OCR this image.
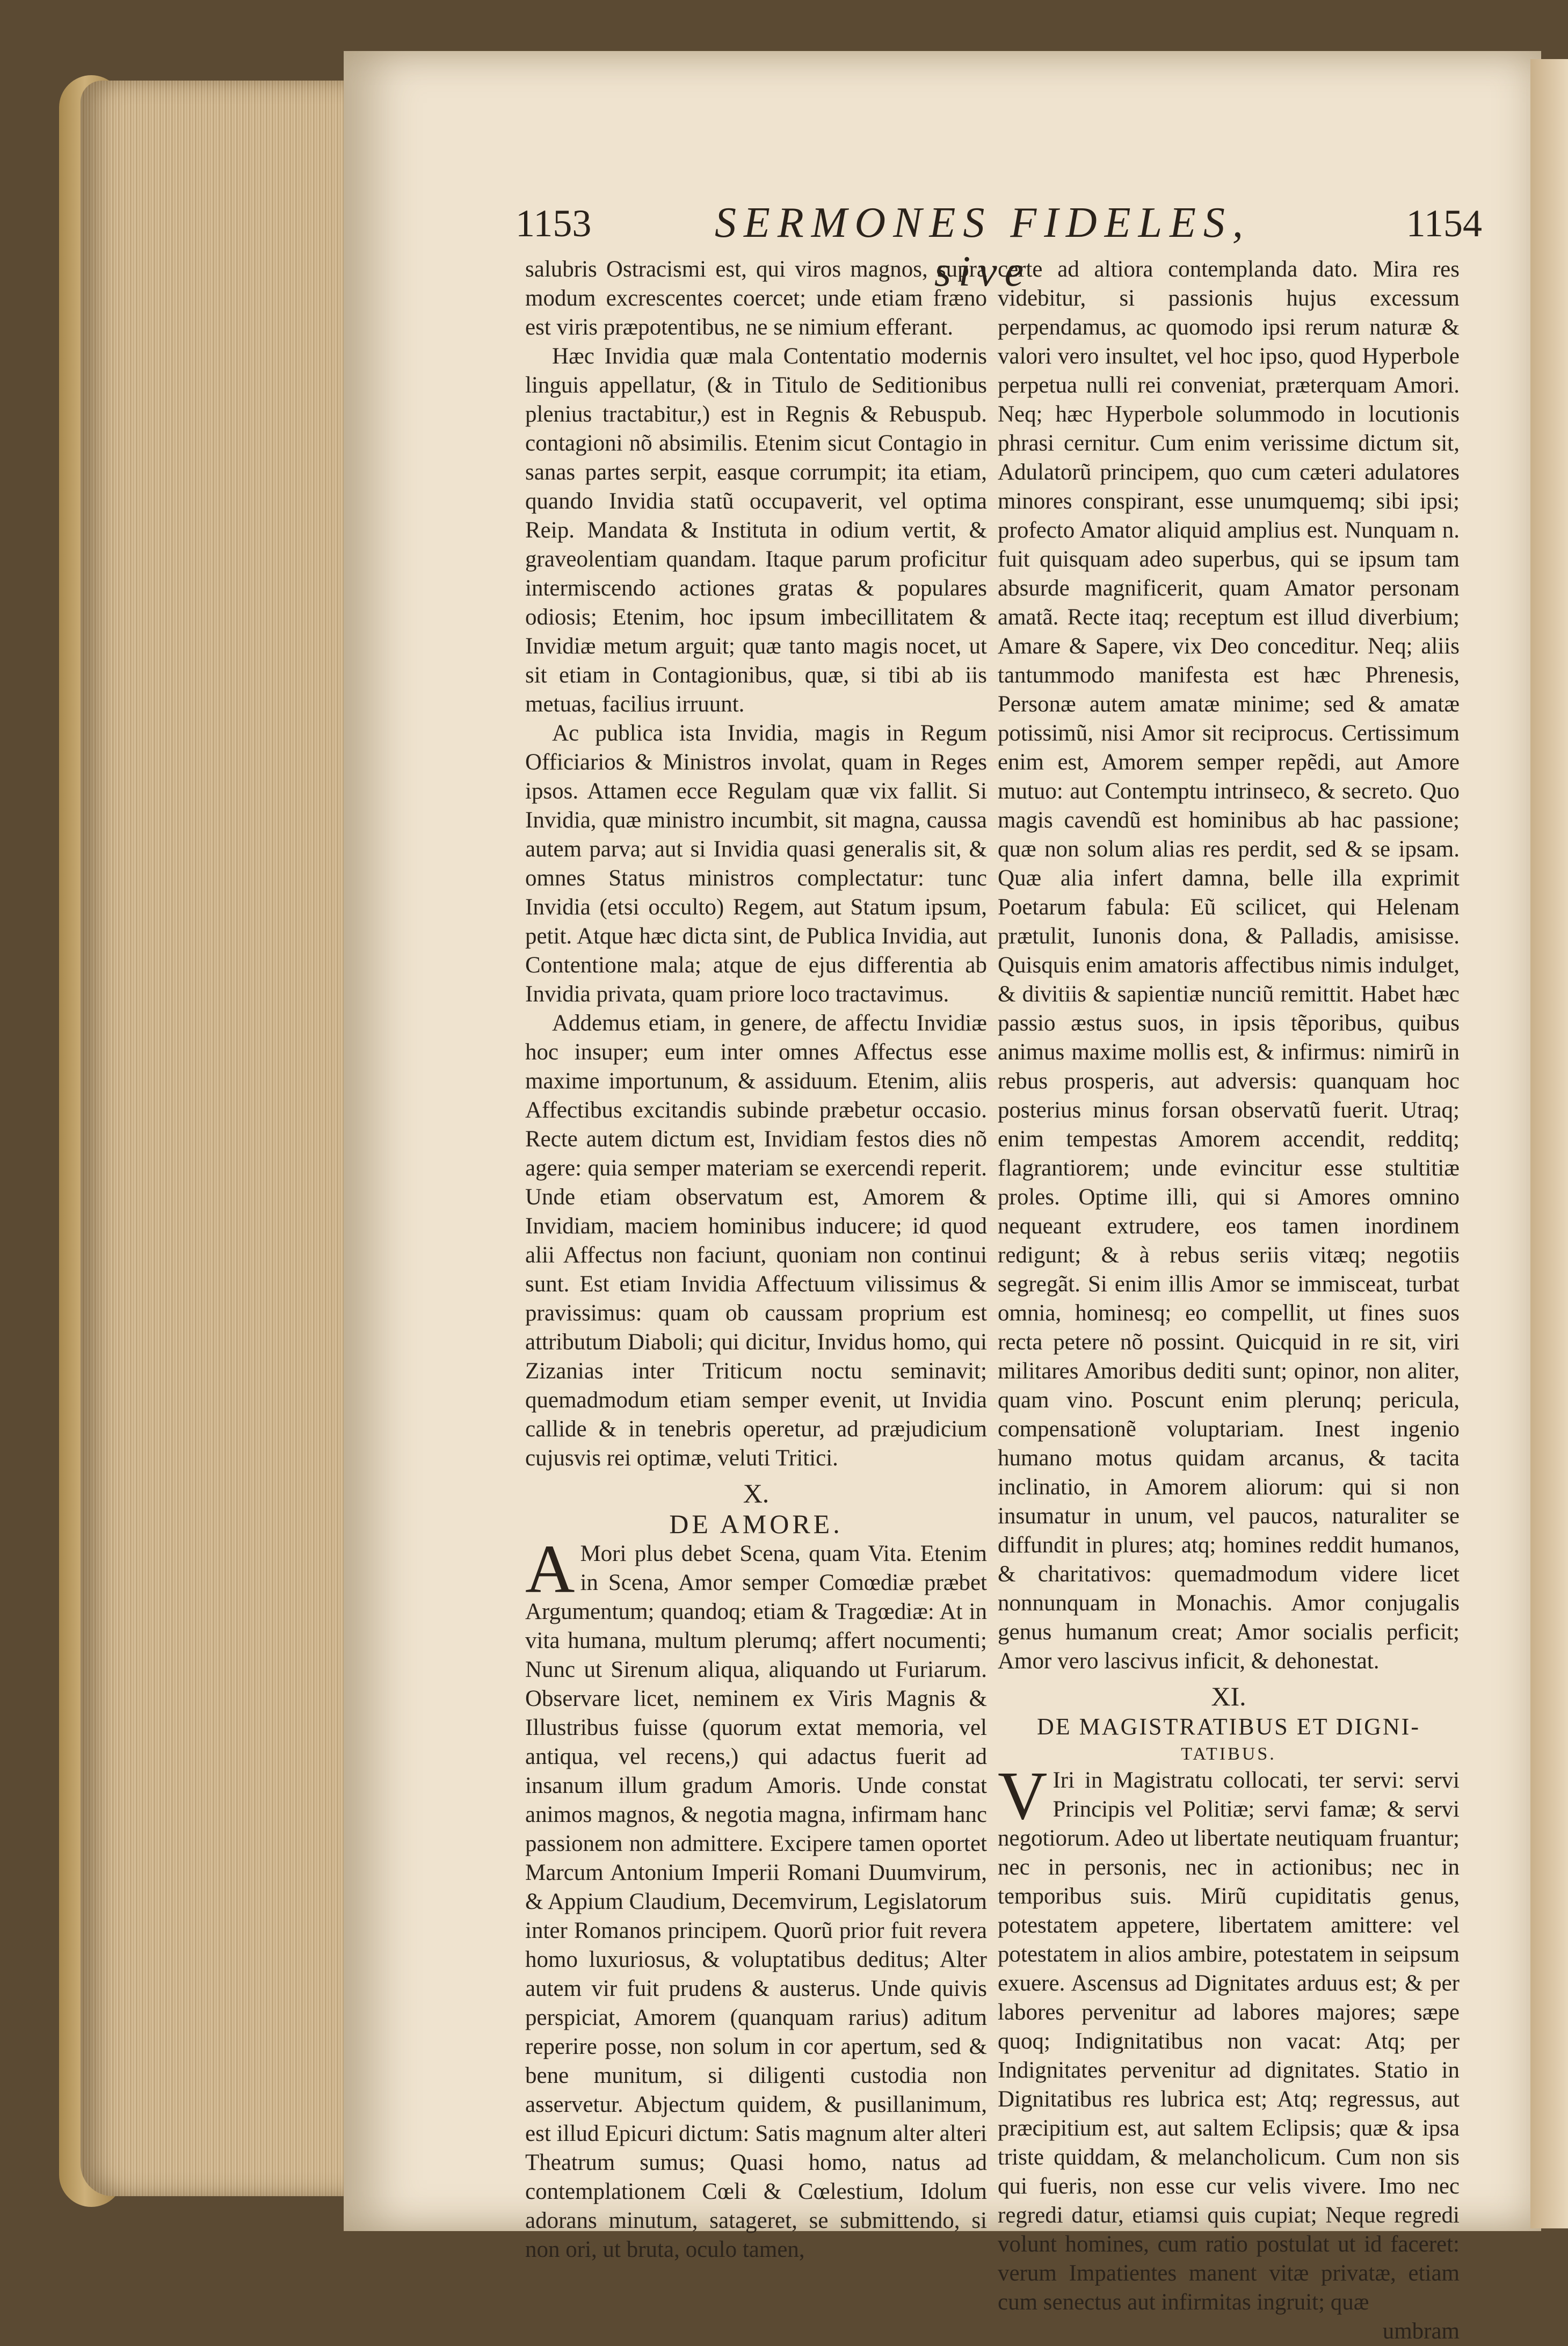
1153	SERMONES FIDELES, sive
1154

salubris Ostracismi est, qui viros magnos, supra modum excrescentes coercet; unde etiam fræno est viris præpotentibus, ne se nimium efferant.

Hæc Invidia quæ mala Contentatio modernis linguis appellatur, (& in Titulo de Seditionibus plenius tractabitur,) est in Regnis & Rebuspub. contagioni nõ absimilis. Etenim sicut Contagio in sanas partes serpit, easque corrumpit; ita etiam, quando Invidia statũ occupaverit, vel optima Reip. Mandata & Instituta in odium vertit, & graveolentiam quandam. Itaque parum proficitur intermiscendo actiones gratas & populares odiosis; Etenim, hoc ipsum imbecillitatem & Invidiæ metum arguit; quæ tanto magis nocet, ut sit etiam in Contagionibus, quæ, si tibi ab iis metuas, facilius irruunt.

Ac publica ista Invidia, magis in Regum Officiarios & Ministros involat, quam in Reges ipsos. Attamen ecce Regulam quæ vix fallit. Si Invidia, quæ ministro incumbit, sit magna, caussa autem parva; aut si Invidia quasi generalis sit, & omnes Status ministros complectatur: tunc Invidia (etsi occulto) Regem, aut Statum ipsum, petit. Atque hæc dicta sint, de Publica Invidia, aut Contentione mala; atque de ejus differentia ab Invidia privata, quam priore loco tractavimus.

Addemus etiam, in genere, de affectu Invidiæ hoc insuper; eum inter omnes Affectus esse maxime importunum, & assiduum. Etenim, aliis Affectibus excitandis subinde præbetur occasio. Recte autem dictum est, Invidiam festos dies nõ agere: quia semper materiam se exercendi reperit. Unde etiam observatum est, Amorem & Invidiam, maciem hominibus inducere; id quod alii Affectus non faciunt, quoniam non continui sunt. Est etiam Invidia Affectuum vilissimus & pravissimus: quam ob caussam proprium est attributum Diaboli; qui dicitur, Invidus homo, qui Zizanias inter Triticum noctu seminavit; quemadmodum etiam semper evenit, ut Invidia callide & in tenebris operetur, ad præjudicium cujusvis rei optimæ, veluti Tritici.

X.
DE AMORE.

A Mori plus debet Scena, quam Vita. Etenim in Scena, Amor semper Comœdiæ præbet Argumentum; quandoq; etiam & Tragœdiæ: At in vita humana, multum plerumq; affert nocumenti; Nunc ut Sirenum aliqua, aliquando ut Furiarum. Observare licet, neminem ex Viris Magnis & Illustribus fuisse (quorum extat memoria, vel antiqua, vel recens,) qui adactus fuerit ad insanum illum gradum Amoris. Unde constat animos magnos, & negotia magna, infirmam hanc passionem non admittere. Excipere tamen oportet Marcum Antonium Imperii Romani Duumvirum, & Appium Claudium, Decemvirum, Legislatorum inter Romanos principem. Quorũ prior fuit revera homo luxuriosus, & voluptatibus deditus; Alter autem vir fuit prudens & austerus. Unde quivis perspiciat, Amorem (quanquam rarius) aditum reperire posse, non solum in cor apertum, sed & bene munitum, si diligenti custodia non asservetur. Abjectum quidem, & pusillanimum, est illud Epicuri dictum: Satis magnum alter alteri Theatrum sumus; Quasi homo, natus ad contemplationem Cœli & Cœlestium, Idolum adorans minutum, satageret, se submittendo, si non ori, ut bruta, oculo tamen,

certe ad altiora contemplanda dato. Mira res videbitur, si passionis hujus excessum perpendamus, ac quomodo ipsi rerum naturæ & valori vero insultet, vel hoc ipso, quod Hyperbole perpetua nulli rei conveniat, præterquam Amori. Neq; hæc Hyperbole solummodo in locutionis phrasi cernitur. Cum enim verissime dictum sit, Adulatorũ principem, quo cum cæteri adulatores minores conspirant, esse unumquemq; sibi ipsi; profecto Amator aliquid amplius est. Nunquam n. fuit quisquam adeo superbus, qui se ipsum tam absurde magnificerit, quam Amator personam amatã. Recte itaq; receptum est illud diverbium; Amare & Sapere, vix Deo conceditur. Neq; aliis tantummodo manifesta est hæc Phrenesis, Personæ autem amatæ minime; sed & amatæ potissimũ, nisi Amor sit reciprocus. Certissimum enim est, Amorem semper repẽdi, aut Amore mutuo: aut Contemptu intrinseco, & secreto. Quo magis cavendũ est hominibus ab hac passione; quæ non solum alias res perdit, sed & se ipsam. Quæ alia infert damna, belle illa exprimit Poetarum fabula: Eũ scilicet, qui Helenam prætulit, Iunonis dona, & Palladis, amisisse. Quisquis enim amatoris affectibus nimis indulget, & divitiis & sapientiæ nunciũ remittit. Habet hæc passio æstus suos, in ipsis tẽporibus, quibus animus maxime mollis est, & infirmus: nimirũ in rebus prosperis, aut adversis: quanquam hoc posterius minus forsan observatũ fuerit. Utraq; enim tempestas Amorem accendit, redditq; flagrantiorem; unde evincitur esse stultitiæ proles. Optime illi, qui si Amores omnino nequeant extrudere, eos tamen inordinem redigunt; & à rebus seriis vitæq; negotiis segregãt. Si enim illis Amor se immisceat, turbat omnia, hominesq; eo compellit, ut fines suos recta petere nõ possint. Quicquid in re sit, viri militares Amoribus dediti sunt; opinor, non aliter, quam vino. Poscunt enim plerunq; pericula, compensationẽ voluptariam. Inest ingenio humano motus quidam arcanus, & tacita inclinatio, in Amorem aliorum: qui si non insumatur in unum, vel paucos, naturaliter se diffundit in plures; atq; homines reddit humanos, & charitativos: quemadmodum videre licet nonnunquam in Monachis. Amor conjugalis genus humanum creat; Amor socialis perficit; Amor vero lascivus inficit, & dehonestat.

XI.
DE MAGISTRATIBUS ET DIGNI-
TATIBUS.

V Iri in Magistratu collocati, ter servi: servi Principis vel Politiæ; servi famæ; & servi negotiorum. Adeo ut libertate neutiquam fruantur; nec in personis, nec in actionibus; nec in temporibus suis. Mirũ cupiditatis genus, potestatem appetere, libertatem amittere: vel potestatem in alios ambire, potestatem in seipsum exuere. Ascensus ad Dignitates arduus est; & per labores pervenitur ad labores majores; sæpe quoq; Indignitatibus non vacat: Atq; per Indignitates pervenitur ad dignitates. Statio in Dignitatibus res lubrica est; Atq; regressus, aut præcipitium est, aut saltem Eclipsis; quæ & ipsa triste quiddam, & melancholicum. Cum non sis qui fueris, non esse cur velis vivere. Imo nec regredi datur, etiamsi quis cupiat; Neque regredi volunt homines, cum ratio postulat ut id faceret: verum Impatientes manent vitæ privatæ, etiam cum senectus aut infirmitas ingruit; quæ

umbram
